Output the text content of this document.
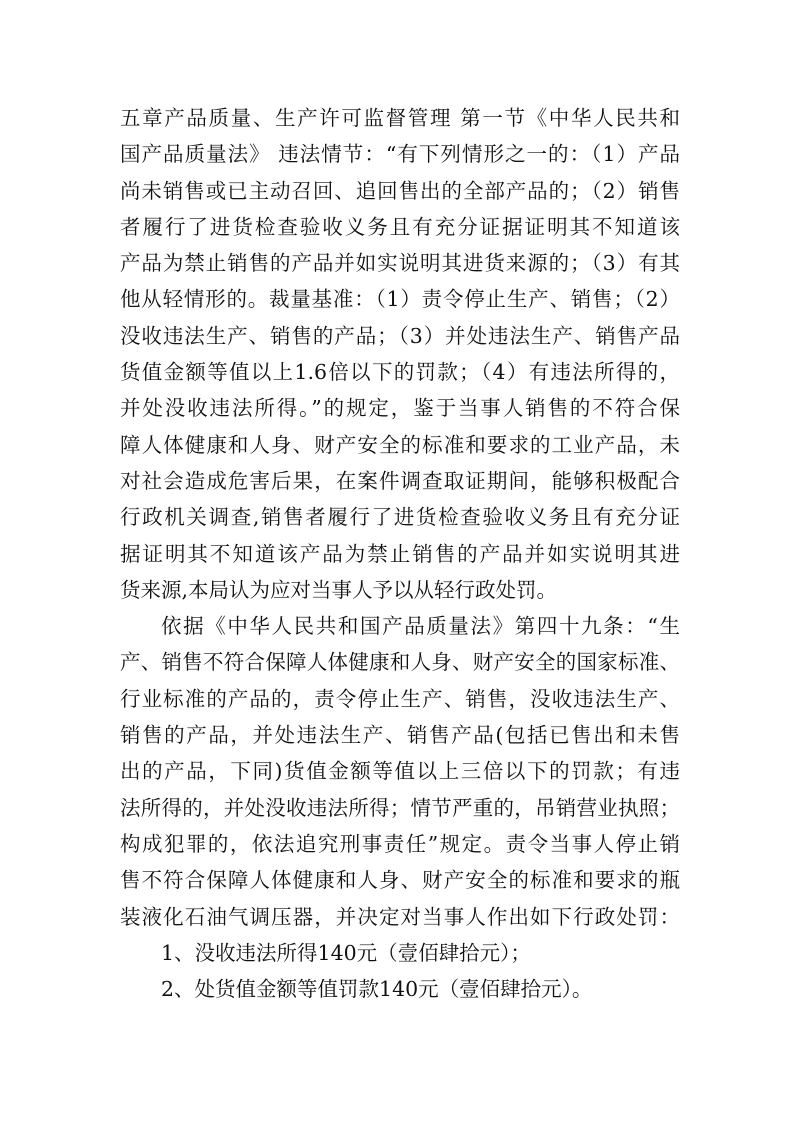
五章产品质量、生产许可监督管理 第一节《中华人民共和
国产品质量法》 违法情节：“有下列情形之一的：（1）产品
尚未销售或已主动召回、追回售出的全部产品的；（2）销售
者履行了进货检查验收义务且有充分证据证明其不知道该
产品为禁止销售的产品并如实说明其进货来源的；（3）有其
他从轻情形的。裁量基准：（1）责令停止生产、销售；（2）
没收违法生产、销售的产品；（3）并处违法生产、销售产品
货值金额等值以上1.6倍以下的罚款；（4）有违法所得的，
并处没收违法所得。”的规定，鉴于当事人销售的不符合保
障人体健康和人身、财产安全的标准和要求的工业产品，未
对社会造成危害后果，在案件调查取证期间，能够积极配合
行政机关调查,销售者履行了进货检查验收义务且有充分证
据证明其不知道该产品为禁止销售的产品并如实说明其进
货来源,本局认为应对当事人予以从轻行政处罚。
依据《中华人民共和国产品质量法》第四十九条：“生
产、销售不符合保障人体健康和人身、财产安全的国家标准、
行业标准的产品的，责令停止生产、销售，没收违法生产、
销售的产品，并处违法生产、销售产品(包括已售出和未售
出的产品，下同)货值金额等值以上三倍以下的罚款；有违
法所得的，并处没收违法所得；情节严重的，吊销营业执照；
构成犯罪的，依法追究刑事责任”规定。责令当事人停止销
售不符合保障人体健康和人身、财产安全的标准和要求的瓶
装液化石油气调压器，并决定对当事人作出如下行政处罚：
1、没收违法所得140元（壹佰肆拾元）；
2、处货值金额等值罚款140元（壹佰肆拾元）。
